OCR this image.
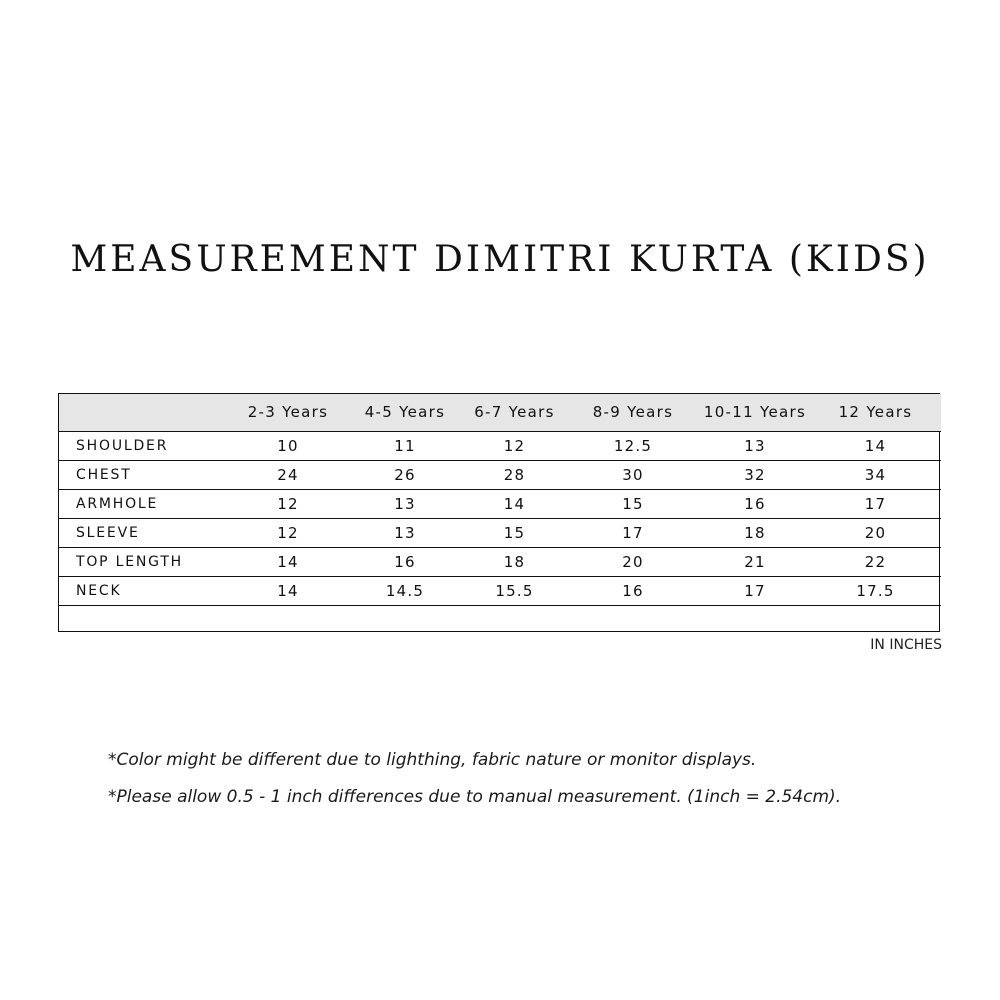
MEASUREMENT DIMITRI KURTA (KIDS)
	2-3 Years	4-5 Years	6-7 Years	8-9 Years	10-11 Years	12 Years
SHOULDER	10	11	12	12.5	13	14
CHEST	24	26	28	30	32	34
ARMHOLE	12	13	14	15	16	17
SLEEVE	12	13	15	17	18	20
TOP LENGTH	14	16	18	20	21	22
NECK	14	14.5	15.5	16	17	17.5

IN INCHES
*Color might be different due to lighthing, fabric nature or monitor displays.
*Please allow 0.5 - 1 inch differences due to manual measurement. (1inch = 2.54cm).
